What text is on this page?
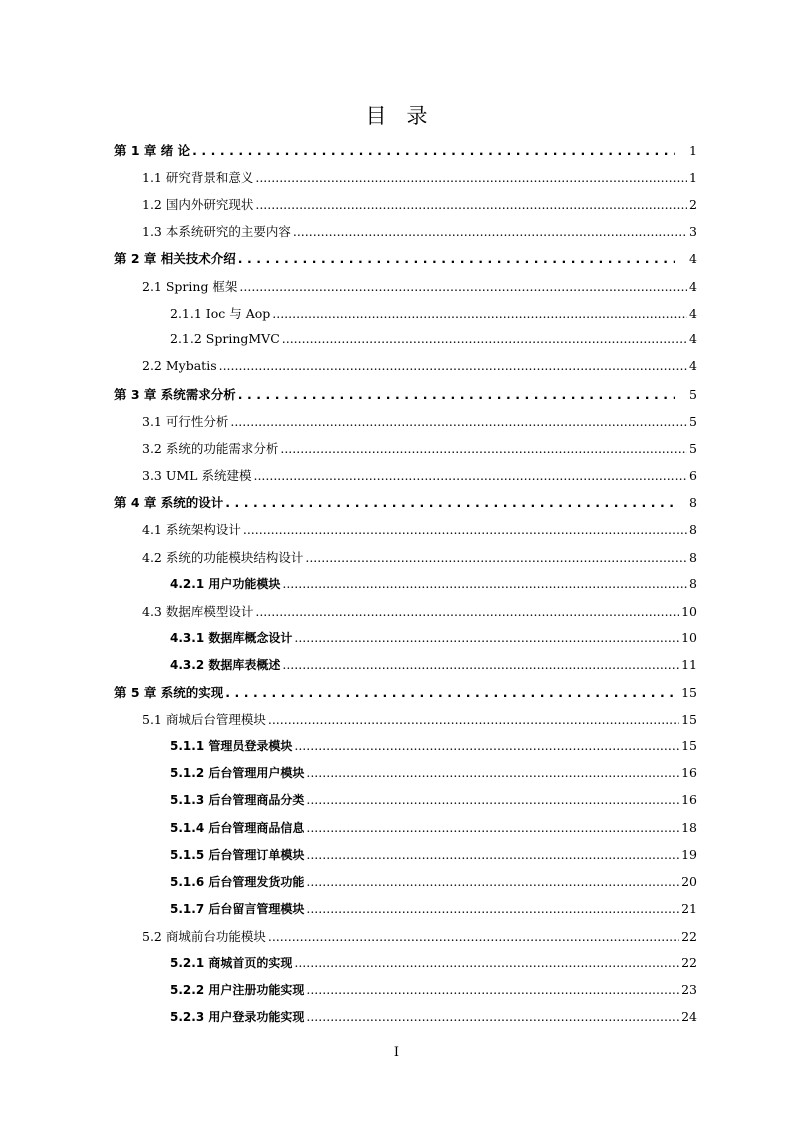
目录
第 1 章 绪 论 .....	1
1.1 研究背景和意义 .....	1
1.2 国内外研究现状 .....	2
1.3 本系统研究的主要内容 .....	3
第 2 章 相关技术介绍 .....	4
2.1 Spring 框架 .....	4
2.1.1 Ioc 与 Aop .....	4
2.1.2 SpringMVC .....	4
2.2 Mybatis .....	4
第 3 章 系统需求分析 .....	5
3.1 可行性分析 .....	5
3.2 系统的功能需求分析 .....	5
3.3 UML 系统建模 .....	6
第 4 章 系统的设计 .....	8
4.1 系统架构设计 .....	8
4.2 系统的功能模块结构设计 .....	8
4.2.1 用户功能模块 .....	8
4.3 数据库模型设计 .....	10
4.3.1 数据库概念设计 .....	10
4.3.2 数据库表概述 .....	11
第 5 章 系统的实现 .....	15
5.1 商城后台管理模块 .....	15
5.1.1 管理员登录模块 .....	15
5.1.2 后台管理用户模块 .....	16
5.1.3 后台管理商品分类 .....	16
5.1.4 后台管理商品信息 .....	18
5.1.5 后台管理订单模块 .....	19
5.1.6 后台管理发货功能 .....	20
5.1.7 后台留言管理模块 .....	21
5.2 商城前台功能模块 .....	22
5.2.1 商城首页的实现 .....	22
5.2.2 用户注册功能实现 .....	23
5.2.3 用户登录功能实现 .....	24
I
